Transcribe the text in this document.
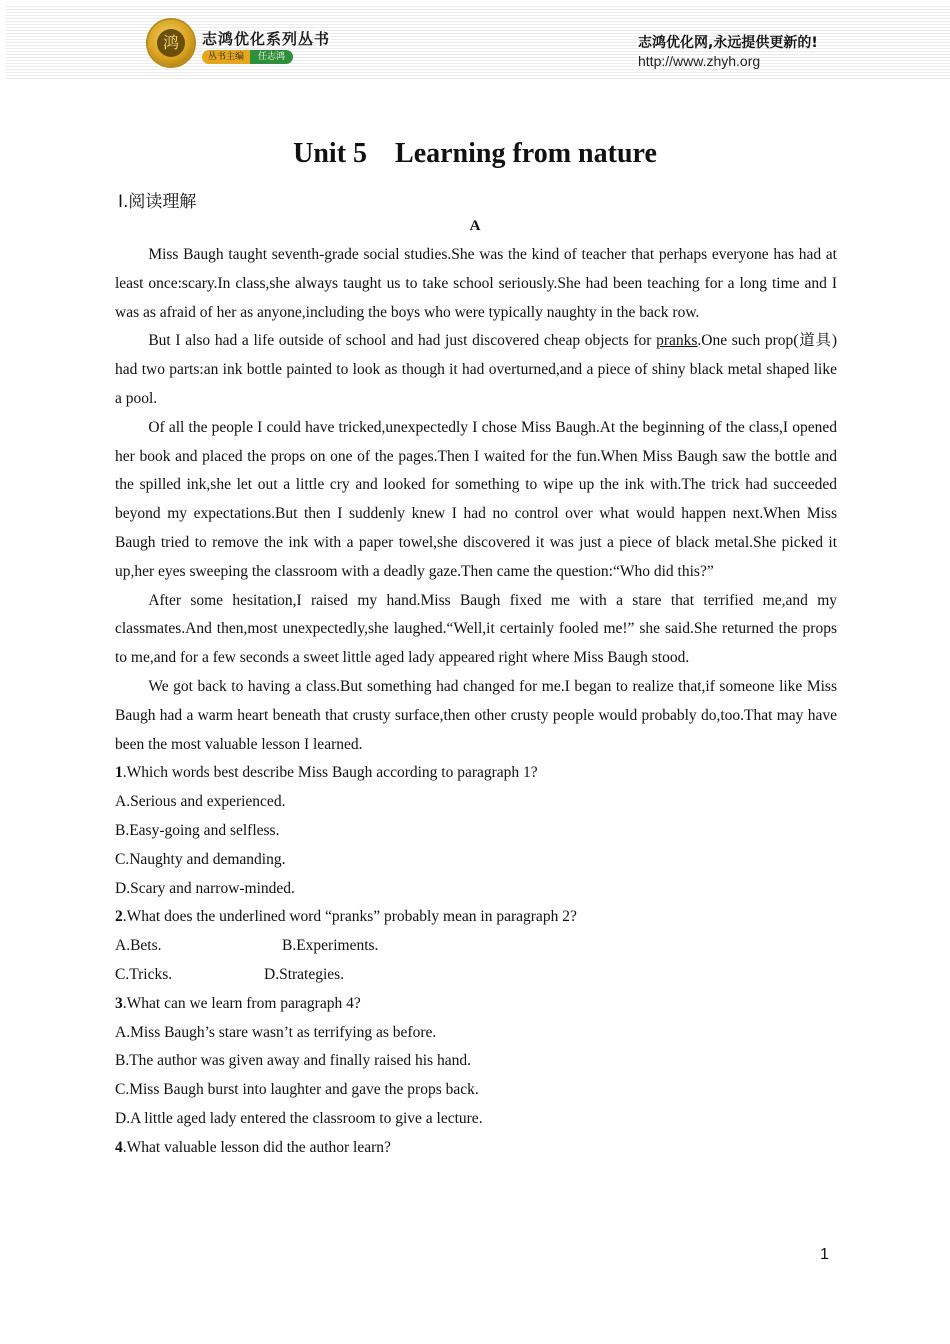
鸿	志鸿优化系列丛书
丛书主编	任志鸿
志鸿优化网,永远提供更新的!
http://www.zhyh.org
Unit 5    Learning from nature
Ⅰ.阅读理解
A

Miss Baugh taught seventh-grade social studies.She was the kind of teacher that perhaps everyone has had at least once:scary.In class,she always taught us to take school seriously.She had been teaching for a long time and I was as afraid of her as anyone,including the boys who were typically naughty in the back row.

But I also had a life outside of school and had just discovered cheap objects for pranks.One such prop(道具) had two parts:an ink bottle painted to look as though it had overturned,and a piece of shiny black metal shaped like a pool.

Of all the people I could have tricked,unexpectedly I chose Miss Baugh.At the beginning of the class,I opened her book and placed the props on one of the pages.Then I waited for the fun.When Miss Baugh saw the bottle and the spilled ink,she let out a little cry and looked for something to wipe up the ink with.The trick had succeeded beyond my expectations.But then I suddenly knew I had no control over what would happen next.When Miss Baugh tried to remove the ink with a paper towel,she discovered it was just a piece of black metal.She picked it up,her eyes sweeping the classroom with a deadly gaze.Then came the question:“Who did this?”

After some hesitation,I raised my hand.Miss Baugh fixed me with a stare that terrified me,and my classmates.And then,most unexpectedly,she laughed.“Well,it certainly fooled me!” she said.She returned the props to me,and for a few seconds a sweet little aged lady appeared right where Miss Baugh stood.

We got back to having a class.But something had changed for me.I began to realize that,if someone like Miss Baugh had a warm heart beneath that crusty surface,then other crusty people would probably do,too.That may have been the most valuable lesson I learned.

1.Which words best describe Miss Baugh according to paragraph 1?
A.Serious and experienced.
B.Easy-going and selfless.
C.Naughty and demanding.
D.Scary and narrow-minded.
2.What does the underlined word “pranks” probably mean in paragraph 2?
A.Bets.	B.Experiments.
C.Tricks.	D.Strategies.
3.What can we learn from paragraph 4?
A.Miss Baugh’s stare wasn’t as terrifying as before.
B.The author was given away and finally raised his hand.
C.Miss Baugh burst into laughter and gave the props back.
D.A little aged lady entered the classroom to give a lecture.
4.What valuable lesson did the author learn?
1
